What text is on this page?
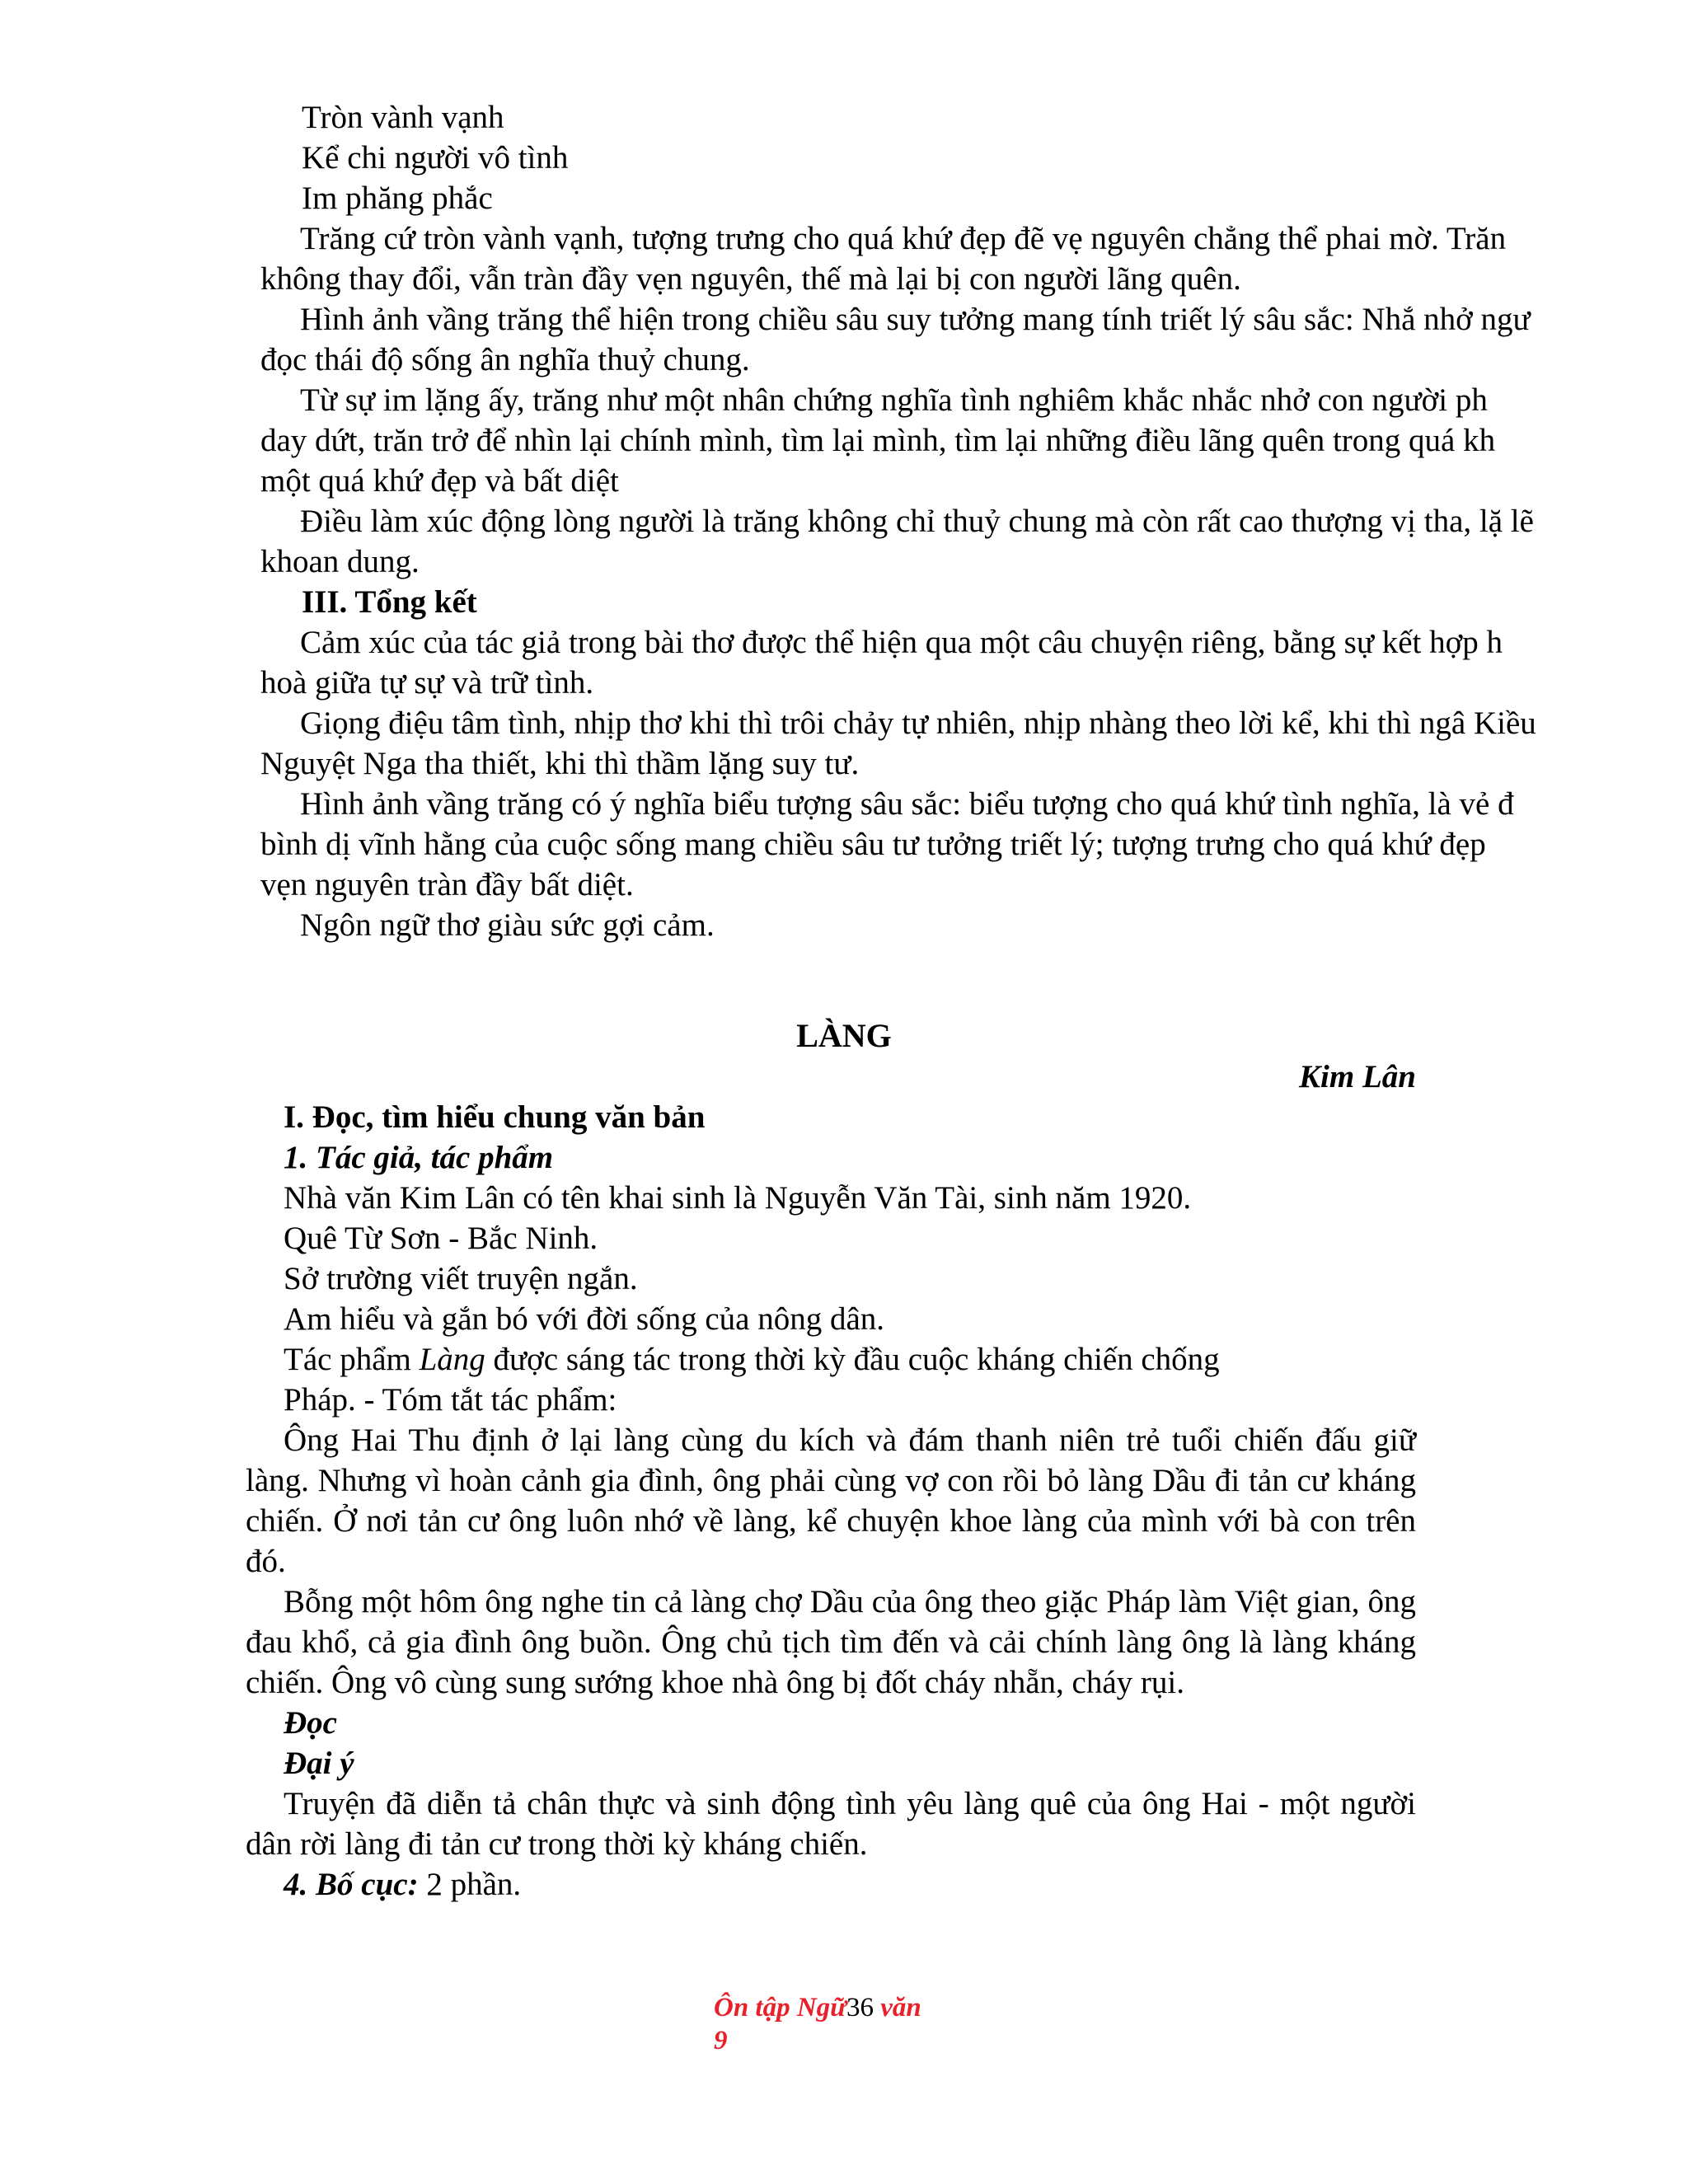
Tròn vành vạnh

Kể chi người vô tình

Im phăng phắc

Trăng cứ tròn vành vạnh, tượng trưng cho quá khứ đẹp đẽ vẹ nguyên chẳng thể phai mờ. Trăn

không thay đổi, vẫn tràn đầy vẹn nguyên, thế mà lại bị con người lãng quên.

Hình ảnh vầng trăng thể hiện trong chiều sâu suy tưởng mang tính triết lý sâu sắc: Nhắ nhở ngư

đọc thái độ sống ân nghĩa thuỷ chung.

Từ sự im lặng ấy, trăng như một nhân chứng nghĩa tình nghiêm khắc nhắc nhở con người ph

day dứt, trăn trở để nhìn lại chính mình, tìm lại mình, tìm lại những điều lãng quên trong quá kh

một quá khứ đẹp và bất diệt

Điều làm xúc động lòng người là trăng không chỉ thuỷ chung mà còn rất cao thượng vị tha, lặ lẽ

khoan dung.

III. Tổng kết

Cảm xúc của tác giả trong bài thơ được thể hiện qua một câu chuyện riêng, bằng sự kết hợp h

hoà giữa tự sự và trữ tình.

Giọng điệu tâm tình, nhịp thơ khi thì trôi chảy tự nhiên, nhịp nhàng theo lời kể, khi thì ngâ Kiều

Nguyệt Nga tha thiết, khi thì thầm lặng suy tư.

Hình ảnh vầng trăng có ý nghĩa biểu tượng sâu sắc: biểu tượng cho quá khứ tình nghĩa, là vẻ đ

bình dị vĩnh hằng của cuộc sống mang chiều sâu tư tưởng triết lý; tượng trưng cho quá khứ đẹp

vẹn nguyên tràn đầy bất diệt.

Ngôn ngữ thơ giàu sức gợi cảm.

LÀNG

Kim Lân

I. Đọc, tìm hiểu chung văn bản

1. Tác giả, tác phẩm

Nhà văn Kim Lân có tên khai sinh là Nguyễn Văn Tài, sinh năm 1920.

Quê Từ Sơn - Bắc Ninh.

Sở trường viết truyện ngắn.

Am hiểu và gắn bó với đời sống của nông dân.

Tác phẩm Làng được sáng tác trong thời kỳ đầu cuộc kháng chiến chống

Pháp. - Tóm tắt tác phẩm:

Ông Hai Thu định ở lại làng cùng du kích và đám thanh niên trẻ tuổi chiến đấu giữ làng. Nhưng vì hoàn cảnh gia đình, ông phải cùng vợ con rồi bỏ làng Dầu đi tản cư kháng chiến. Ở nơi tản cư ông luôn nhớ về làng, kể chuyện khoe làng của mình với bà con trên đó.

Bỗng một hôm ông nghe tin cả làng chợ Dầu của ông theo giặc Pháp làm Việt gian, ông đau khổ, cả gia đình ông buồn. Ông chủ tịch tìm đến và cải chính làng ông là làng kháng chiến. Ông vô cùng sung sướng khoe nhà ông bị đốt cháy nhẵn, cháy rụi.

Đọc

Đại ý

Truyện đã diễn tả chân thực và sinh động tình yêu làng quê của ông Hai - một người dân rời làng đi tản cư trong thời kỳ kháng chiến.

4. Bố cục: 2 phần.

Ôn tập Ngữ36 văn
9
